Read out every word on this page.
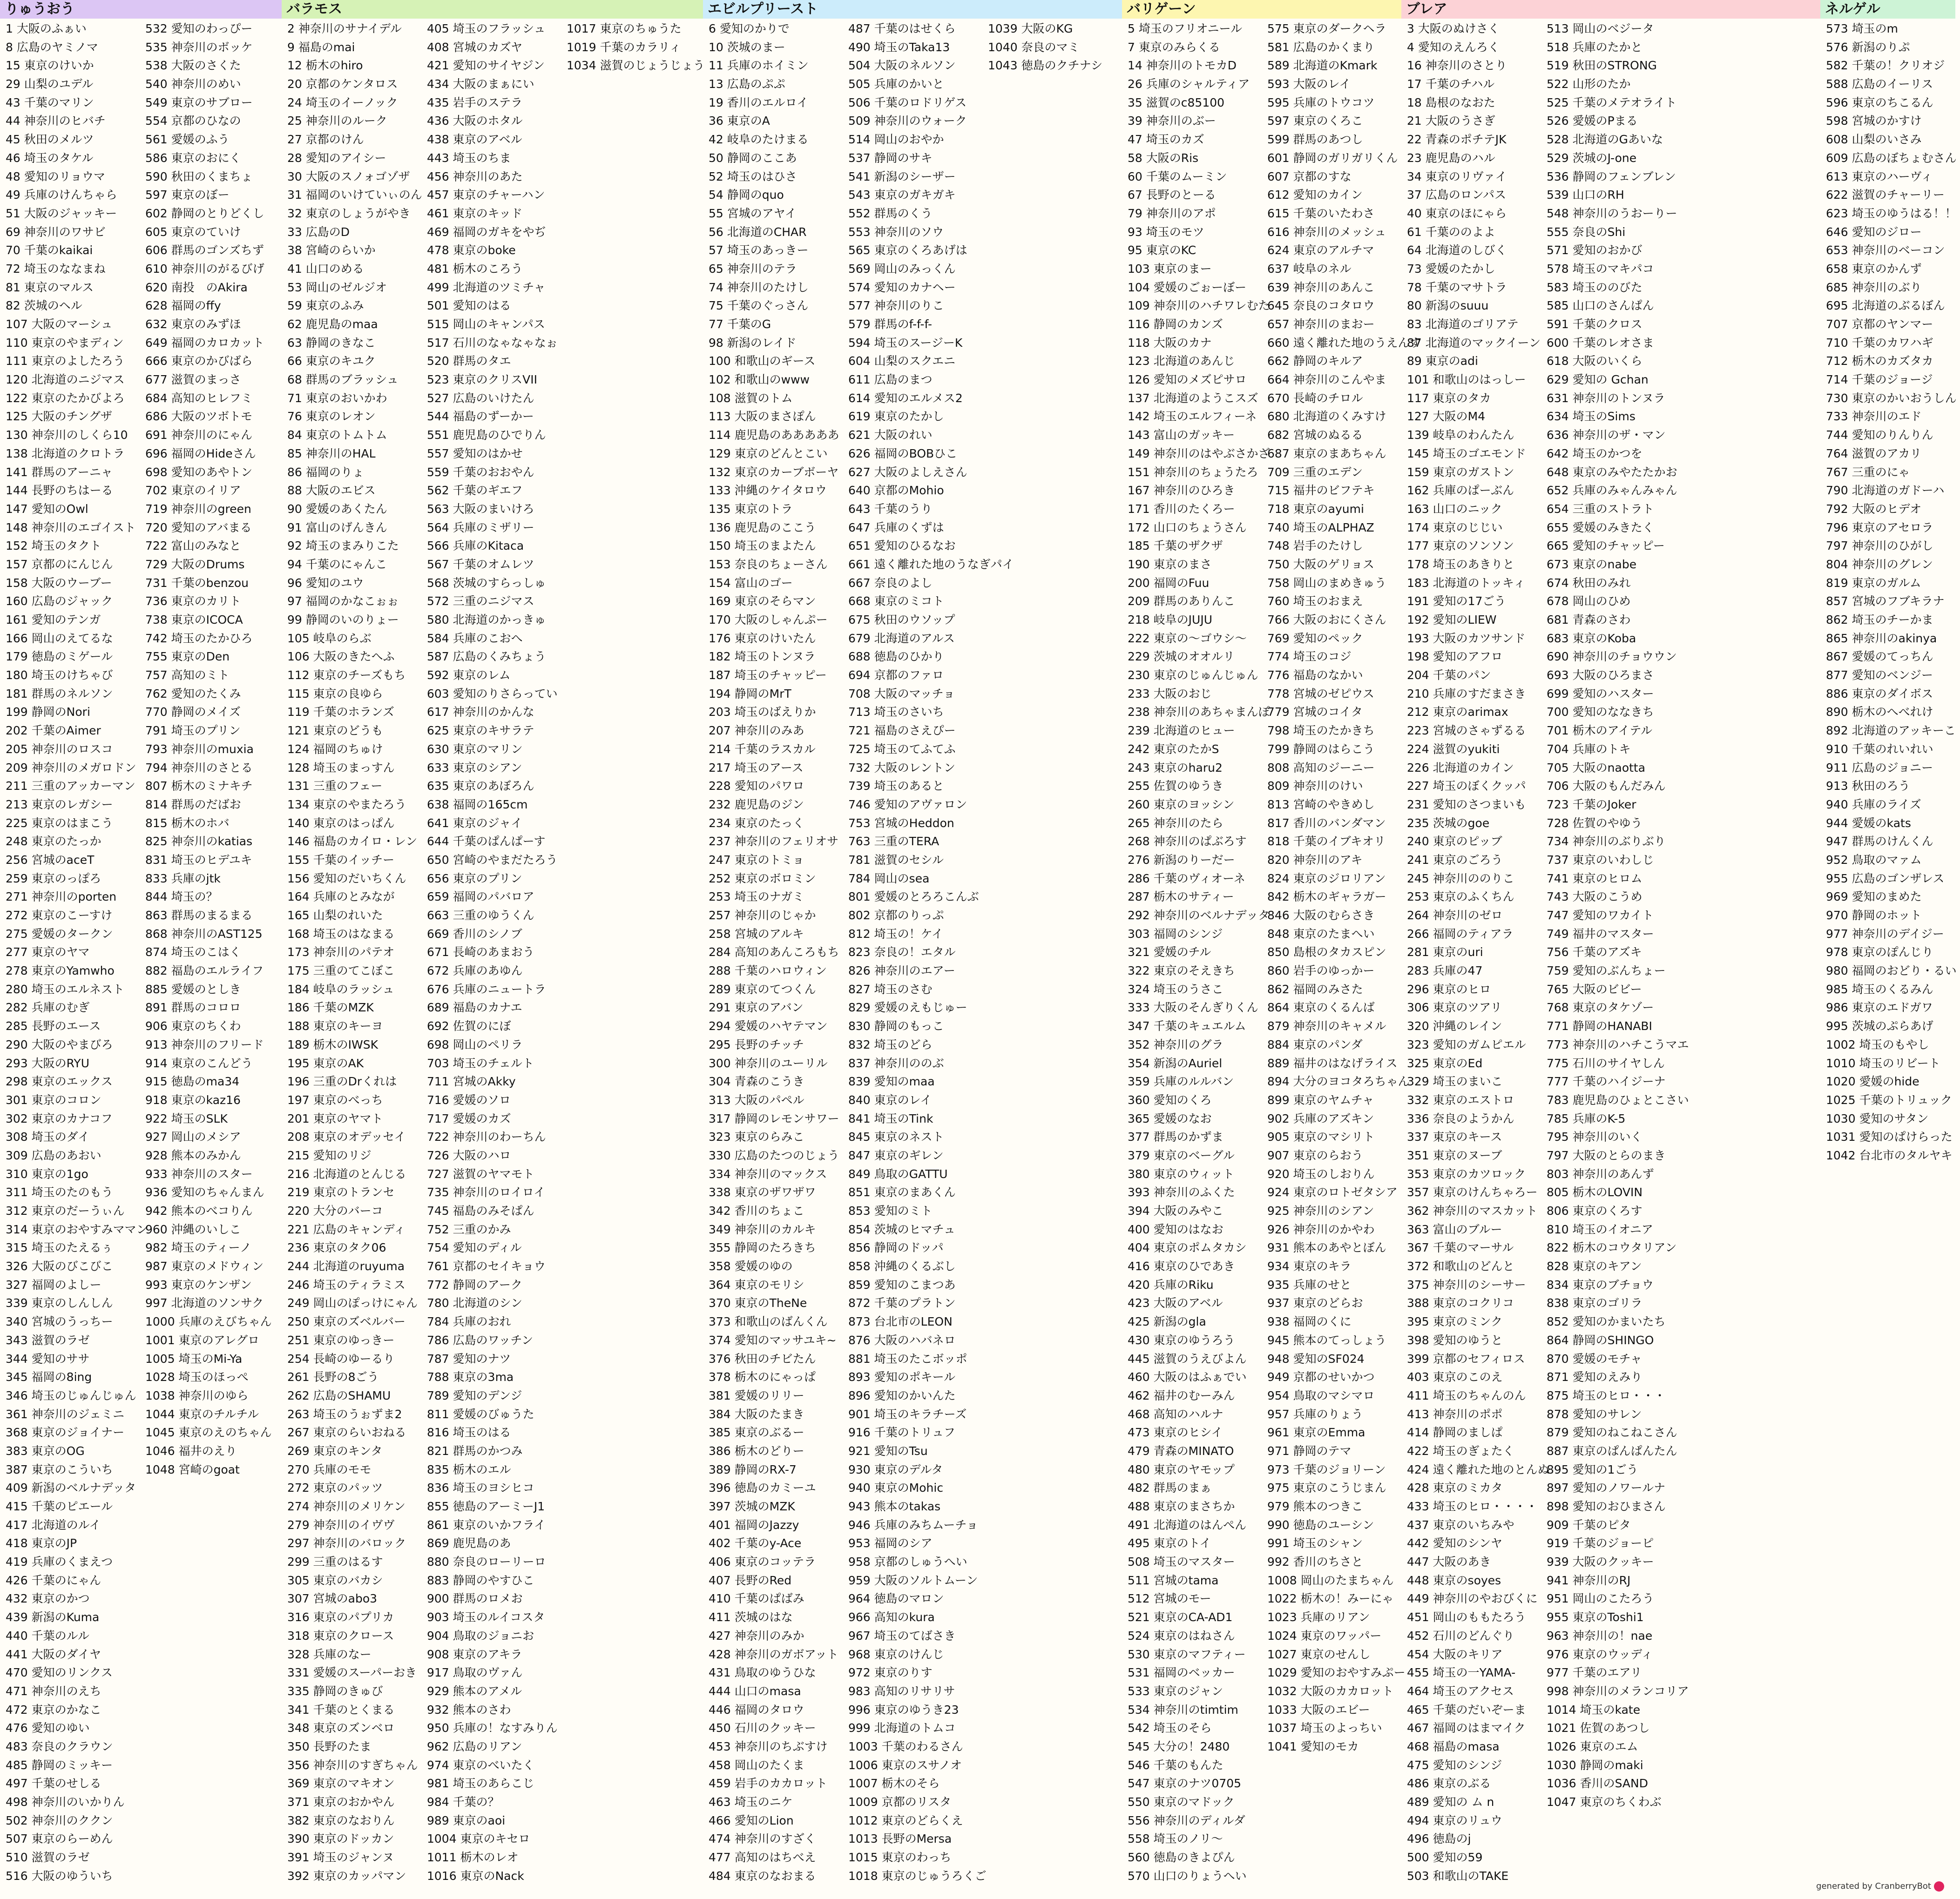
りゅうおう
1 大阪のふぁい
8 広島のヤミノマ
15 東京のけいか
29 山梨のユデル
43 千葉のマリン
44 神奈川のヒバチ
45 秋田のメルツ
46 埼玉のタケル
48 愛知のリョウマ
49 兵庫のけんちゃら
51 大阪のジャッキー
69 神奈川のワサビ
70 千葉のkaikai
72 埼玉のななまね
81 東京のマルス
82 茨城のヘル
107 大阪のマーシュ
110 東京のやまディン
111 東京のよしたろう
120 北海道のニジマス
122 東京のたかびよろ
125 大阪のチングザ
130 神奈川のしくら10
138 北海道のクロトラ
141 群馬のアーニャ
144 長野のちはーる
147 愛知のOwl
148 神奈川のエゴイスト
152 埼玉のタクト
157 京都のにんじん
158 大阪のウーブー
160 広島のジャック
161 愛知のテンガ
166 岡山のえてるな
179 徳島のミゲール
180 埼玉のけちゃび
181 群馬のネルソン
199 静岡のNori
202 千葉のAimer
205 神奈川のロスコ
209 神奈川のメガロドン
211 三重のアッカーマン
213 東京のレガシー
225 東京のはまこう
248 東京のたっか
256 宮城のaceT
259 東京のっぽろ
271 神奈川のporten
272 東京のこーすけ
275 愛媛のタークン
277 東京のヤマ
278 東京のYamwho
280 埼玉のエルネスト
282 兵庫のむぎ
285 長野のエース
290 大阪のやまびろ
293 大阪のRYU
298 東京のエックス
301 東京のコロン
302 東京のカナコフ
308 埼玉のダイ
309 広島のあおい
310 東京の1go
311 埼玉のたのもう
312 東京のだーうぃん
314 東京のおやすみママン
315 埼玉のたえるぅ
326 大阪のびこびこ
327 福岡のよしー
339 東京のしんしん
340 宮城のうっちー
343 滋賀のラゼ
344 愛知のササ
345 福岡の8ing
346 埼玉のじゅんじゅん
361 神奈川のジェミニ
368 東京のジョイナー
383 東京のOG
387 東京のこういち
409 新潟のベルナデッタ
415 千葉のピエール
417 北海道のルイ
418 東京のJP
419 兵庫のくまえつ
426 千葉のにゃん
432 東京のかつ
439 新潟のKuma
440 千葉のルル
441 大阪のダイヤ
470 愛知のリンクス
471 神奈川のえち
472 東京のかなこ
476 愛知のゆい
483 奈良のクラウン
485 静岡のミッキー
497 千葉のせしる
498 神奈川のいかりん
502 神奈川のククン
507 東京のらーめん
510 滋賀のラゼ
516 大阪のゆういち
532 愛知のわっぴー
535 神奈川のボッケ
538 大阪のさくた
540 神奈川のめい
549 東京のサブロー
554 京都のひなの
561 愛媛のふう
586 東京のおにく
590 秋田のくまちょ
597 東京のぼー
602 静岡のとりどくし
605 東京のていけ
606 群馬のゴンズちず
610 神奈川のがるびげ
620 南投　のAkira
628 福岡のffy
632 東京のみずほ
649 福岡のカロカット
666 東京のかびばら
677 滋賀のまっさ
684 高知のヒレフミ
686 大阪のツボトモ
691 神奈川のにゃん
696 福岡のHideさん
698 愛知のあやトン
702 東京のイリア
719 神奈川のgreen
720 愛知のアバまる
722 富山のみなと
729 大阪のDrums
731 千葉のbenzou
736 東京のカリト
738 東京のICOCA
742 埼玉のたかひろ
755 東京のDen
757 高知のミト
762 愛知のたくみ
770 静岡のメイズ
791 埼玉のプリン
793 神奈川のmuxia
794 神奈川のさとる
807 栃木のミナキチ
814 群馬のだばお
815 栃木のホバ
825 神奈川のkatias
831 埼玉のヒデユキ
833 兵庫のjtk
844 埼玉の？
863 群馬のまるまる
868 神奈川のAST125
874 埼玉のこはく
882 福島のエルライフ
885 愛媛のとしき
891 群馬のコロロ
906 東京のちくわ
913 神奈川のフリード
914 東京のこんどう
915 徳島のma34
918 東京のkaz16
922 埼玉のSLK
927 岡山のメシア
928 熊本のみかん
933 神奈川のスター
936 愛知のちゃんまん
942 熊本のべコりん
960 沖縄のいしこ
982 埼玉のティーノ
987 東京のメドウィン
993 東京のケンザン
997 北海道のソンサク
1000 兵庫のえびちゃん
1001 東京のアレグロ
1005 埼玉のMi-Ya
1028 埼玉のほっぺ
1038 神奈川のゆら
1044 東京のチルチル
1045 東京のえのちゃん
1046 福井のえり
1048 宮崎のgoat
バラモス
2 神奈川のサナイデル
9 福島のmai
12 栃木のhiro
20 京都のケンタロス
24 埼玉のイーノック
25 神奈川のルーク
27 京都のけん
28 愛知のアイシー
30 大阪のスノォゴゾザ
31 福岡のいけていぃのん
32 東京のしょうがやき
33 広島のD
38 宮崎のらいか
41 山口のめる
53 岡山のゼルジオ
59 東京のふみ
62 鹿児島のmaa
63 静岡のきなこ
66 東京のキユク
68 群馬のブラッシュ
71 東京のおいかわ
76 東京のレオン
84 東京のトムトム
85 神奈川のHAL
86 福岡のりょ
88 大阪のエビス
90 愛媛のあくたん
91 富山のげんきん
92 埼玉のまみりこた
94 千葉のにゃんこ
96 愛知のユウ
97 福岡のかなこぉぉ
99 静岡のいのりょー
105 岐阜のらぶ
106 大阪のきたへふ
112 東京のチーズもち
115 東京の良ゆら
119 千葉のホランズ
121 東京のどうも
124 福岡のちゅけ
128 埼玉のまっすん
131 三重のフェー
134 東京のやまたろう
140 東京のはっぱん
146 福島のカイロ・レン
155 千葉のイッチー
156 愛知のだいちくん
164 兵庫のとみなが
165 山梨のれいた
168 埼玉のはなまる
173 神奈川のパテオ
175 三重のてこぼこ
184 岐阜のラッシュ
186 千葉のMZK
188 東京のキーヨ
189 栃木のIWSK
195 東京のAK
196 三重のDrくれは
197 東京のべっち
201 東京のヤマト
208 東京のオデッセイ
215 愛知のリジ
216 北海道のとんじる
219 東京のトランセ
220 大分のバーコ
221 広島のキャンディ
236 東京のタク06
244 北海道のruyuma
246 埼玉のティラミス
249 岡山のぽっけにゃん
250 東京のズベルバー
251 東京のゆっきー
254 長崎のゆーるり
261 長野の8ごう
262 広島のSHAMU
263 埼玉のうぉずま2
267 東京のらいおねる
269 東京のキンタ
270 兵庫のモモ
272 東京のパッツ
274 神奈川のメリケン
279 神奈川のイヴヴ
297 神奈川のバロック
299 三重のはるす
305 東京のバカシ
307 宮城のabo3
316 東京のパプリカ
318 東京のクロース
328 兵庫のなー
331 愛媛のスーパーおき
335 静岡のきゅび
341 千葉のとくまる
348 東京のズンベロ
350 長野のたま
356 神奈川のすぎちゃん
369 東京のマキオン
371 東京のおかやん
382 東京のなおりん
390 東京のドッカン
391 埼玉のジャンヌ
392 東京のカッパマン
405 埼玉のフラッシュ
408 宮城のカズヤ
421 愛知のサイヤジン
434 大阪のまぁにい
435 岩手のステラ
436 大阪のホタル
438 東京のアベル
443 埼玉のちま
456 神奈川のあた
457 東京のチャーハン
461 東京のキッド
469 福岡のガキをやぢ
478 東京のboke
481 栃木のころう
499 北海道のツミチャ
501 愛知のはる
515 岡山のキャンパス
517 石川のなゃなゃなぉ
520 群馬のタエ
523 東京のクリスVII
527 広島のいけたん
544 福島のずーかー
551 鹿児島のひでりん
557 愛知のはかせ
559 千葉のおおやん
562 千葉のギエフ
563 大阪のまいけろ
564 兵庫のミザリー
566 兵庫のKitaca
567 千葉のオムレツ
568 茨城のすらっしゅ
572 三重のニジマス
580 北海道のかっきゅ
584 兵庫のこおへ
587 広島のくみちょう
592 東京のレム
603 愛知のりさらってい
617 神奈川のかんな
625 東京のキサラテ
630 東京のマリン
633 東京のシアン
635 東京のあぼろん
638 福岡の165cm
641 東京のジャイ
644 千葉のぱんぱーす
650 宮崎のやまだたろう
656 東京のプリン
659 福岡のパバロア
663 三重のゆうくん
669 香川のシノブ
671 長崎のあまおう
672 兵庫のあゆん
676 兵庫のニュートラ
689 福島のカナエ
692 佐賀のにぼ
698 岡山のペリラ
703 埼玉のチェルト
711 宮城のAkky
716 愛媛のソロ
717 愛媛のカズ
722 神奈川のわーちん
726 大阪のハロ
727 滋賀のヤマモト
735 神奈川のロイロイ
745 福島のみそぱん
752 三重のかみ
754 愛知のディル
761 京都のセイキョウ
772 静岡のアーク
780 北海道のシン
784 兵庫のおれ
786 広島のワッチン
787 愛知のナツ
788 東京の3ma
789 愛知のデンジ
811 愛媛のびゅうた
816 埼玉のはる
821 群馬のかつみ
835 栃木のエル
836 埼玉のヨシヒコ
855 徳島のアーミーJ1
861 東京のいかフライ
869 鹿児島のあ
880 奈良のローリーロ
883 静岡のやすひこ
900 群馬のロメお
903 埼玉のルイコスタ
904 鳥取のジョニお
908 東京のアキラ
917 鳥取のヴァん
929 熊本のアメル
932 熊本のさわ
950 兵庫の！なすみりん
962 広島のリアン
974 東京のべいたく
981 埼玉のあらこじ
984 千葉の？
989 東京のaoi
1004 東京のキセロ
1011 栃木のレオ
1016 東京のNack
1017 東京のちゅうた
1019 千葉のカラリィ
1034 滋賀のじょうじょう
エビルプリースト
6 愛知のかりで
10 茨城のまー
11 兵庫のホイミン
13 広島のぷぷ
19 香川のエルロイ
36 東京のA
42 岐阜のたけまる
50 静岡のここあ
52 埼玉のはひさ
54 静岡のquo
55 宮城のアヤイ
56 北海道のCHAR
57 埼玉のあっきー
65 神奈川のテラ
74 神奈川のたけし
75 千葉のぐっさん
77 千葉のG
98 新潟のレイド
100 和歌山のギース
102 和歌山のwww
108 滋賀のトム
113 大阪のまさぽん
114 鹿児島のあああああ
129 東京のどんとこい
132 東京のカーブボーヤ
133 沖縄のケイタロウ
135 東京のトラ
136 鹿児島のここう
150 埼玉のまよたん
153 奈良のちょーさん
154 富山のゴー
169 東京のそらマン
170 大阪のしゃんぷー
176 東京のけいたん
182 埼玉のトンヌラ
187 埼玉のチャッピー
194 静岡のMrT
203 埼玉のばえりか
207 神奈川のみあ
214 千葉のラスカル
217 埼玉のアース
228 愛知のパワロ
232 鹿児島のジン
234 東京のたっく
237 神奈川のフェリオサ
247 東京のトミョ
252 東京のボロミン
253 埼玉のナガミ
257 神奈川のじゃか
258 宮城のアルキ
284 高知のあんころもち
288 千葉のハロウィン
289 東京のてつくん
291 東京のアバン
294 愛媛のハヤテマン
295 長野のチッチ
300 神奈川のユーリル
304 青森のこうき
313 大阪のパペル
317 静岡のレモンサワー
323 東京のらみこ
330 広島のたつのじょう
334 神奈川のマックス
338 東京のザワザワ
342 香川のちょこ
349 神奈川のカルキ
355 静岡のたろきち
358 愛媛のゆの
364 東京のモリシ
370 東京のTheNe
373 和歌山のばんくん
374 愛知のマッサユキ~
376 秋田のチビたん
378 栃木のにゃっぱ
381 愛媛のリリー
384 大阪のたまき
385 東京のぶるー
386 栃木のどりー
389 静岡のRX-7
396 徳島のカミーユ
397 茨城のMZK
401 福岡のJazzy
402 千葉のy-Ace
406 東京のコッテラ
407 長野のRed
410 千葉のぱばみ
411 茨城のはな
427 神奈川のみか
428 神奈川のガボアット
431 鳥取のゆうひな
444 山口のmasa
446 福岡のタロウ
450 石川のクッキー
453 神奈川のちぶすけ
458 岡山のたくま
459 岩手のカカロット
463 埼玉のニケ
466 愛知のLion
474 神奈川のすざく
477 高知のはちべえ
484 東京のなおまる
487 千葉のはせくら
490 埼玉のTaka13
504 大阪のネルソン
505 兵庫のかいと
506 千葉のロドリゲス
509 神奈川のウォーク
514 岡山のおやか
537 静岡のサキ
541 新潟のシーザー
543 東京のガキガキ
552 群馬のくう
553 神奈川のソウ
565 東京のくろあげは
569 岡山のみっくん
574 愛知のカナヘー
577 神奈川のりこ
579 群馬のf-f-f-
594 埼玉のスージーK
604 山梨のスクエニ
611 広島のまつ
614 愛知のエルメス2
619 東京のたかし
621 大阪のれい
626 福岡のBOBひこ
627 大阪のよしえさん
640 京都のMohio
643 千葉のうり
647 兵庫のくずは
651 愛知のひるなお
661 遠く離れた地のうなぎパイ
667 奈良のよし
668 東京のミコト
675 秋田のウソップ
679 北海道のアルス
688 徳島のひかり
694 京都のファロ
708 大阪のマッチョ
713 埼玉のさいち
721 福島のさえぴー
725 埼玉のてふてふ
732 大阪のレントン
739 埼玉のあると
746 愛知のアヴァロン
753 宮城のHeddon
763 三重のTERA
781 滋賀のセシル
784 岡山のsea
801 愛媛のとろろこんぶ
802 京都のりっぷ
812 埼玉の！ケイ
823 奈良の！エタル
826 神奈川のエアー
827 埼玉のさむ
829 愛媛のえもじゅー
830 静岡のもっこ
832 埼玉のどら
837 神奈川ののぶ
839 愛知のmaa
840 東京のレイ
841 埼玉のTink
845 東京のネスト
847 東京のギレン
849 鳥取のGATTU
851 東京のまあくん
853 愛知のミト
854 茨城のヒマチュ
856 静岡のドッパ
858 沖縄のくるぶし
859 愛知のこまつあ
872 千葉のプラトン
873 台北市のLEON
876 大阪のハバネロ
881 埼玉のたこボッポ
893 愛知のポキール
896 愛知のかいんた
901 埼玉のキラチーズ
916 千葉のトリュフ
921 愛知のTsu
930 東京のデルタ
940 東京のMohic
943 熊本のtakas
946 兵庫のみちムーチョ
953 福岡のシア
958 京都のしゅうへい
959 大阪のソルトムーン
964 徳島のマロン
966 高知のkura
967 埼玉のてばさき
968 東京のけんじ
972 東京のりす
983 高知のリサリサ
996 東京のゆうき23
999 北海道のトムコ
1003 千葉のわるさん
1006 東京のスサノオ
1007 栃木のそら
1009 京都のリスタ
1012 東京のどらくえ
1013 長野のMersa
1015 東京のわっち
1018 東京のじゅうろくご
1039 大阪のKG
1040 奈良のマミ
1043 徳島のクチナシ
バリゲーン
5 埼玉のフリオニール
7 東京のみらくる
14 神奈川のトモカD
26 兵庫のシャルティア
35 滋賀のc85100
39 神奈川のぶー
47 埼玉のカズ
58 大阪のRis
60 千葉のムーミン
67 長野のとーる
79 神奈川のアポ
93 埼玉のモツ
95 東京のKC
103 東京のまー
104 愛媛のごぉーぼー
109 神奈川のハチワレむた
116 静岡のカンズ
118 大阪のカナ
123 北海道のあんじ
126 愛知のメズピサロ
137 北海道のようこスズ
142 埼玉のエルフィーネ
143 富山のガッキー
149 神奈川のはやぶさかざ
151 神奈川のちょうたろ
167 神奈川のひろき
171 香川のたくろー
172 山口のちょうさん
185 千葉のザクザ
190 東京のまさ
200 福岡のFuu
209 群馬のありんこ
218 岐阜のJUJU
222 東京の〜ゴウシ〜
229 茨城のオオルリ
230 東京のじゅんじゅん
233 大阪のおじ
238 神奈川のあちゃまんぽ
239 北海道のヒュー
242 東京のたかS
243 東京のharu2
255 佐賀のゆうき
260 東京のヨッシン
265 神奈川のたら
268 神奈川のぱぶろす
276 新潟のりーだー
286 千葉のヴィオーネ
287 栃木のサティー
292 神奈川のベルナデッタ
303 福岡のシンジ
321 愛媛のチル
322 東京のそえきち
324 埼玉のうさこ
333 大阪のそんぎりくん
347 千葉のキュエルム
352 神奈川のグラ
354 新潟のAuriel
359 兵庫のルルバン
360 愛知のくろ
365 愛媛のなお
377 群馬のかずま
379 東京のベーグル
380 東京のウィット
393 神奈川のふくた
394 大阪のみやこ
400 愛知のはなお
404 東京のポムタカシ
416 東京のひであき
420 兵庫のRiku
423 大阪のアベル
425 新潟のgla
430 東京のゆうろう
445 滋賀のうえびよん
460 大阪のはふぁでい
462 福井のむーみん
468 高知のハルナ
473 東京のヒシイ
479 青森のMINATO
480 東京のヤモップ
482 群馬のまぁ
488 東京のまさちか
491 北海道のはんぺん
495 東京のトイ
508 埼玉のマスター
511 宮城のtama
512 宮城のモー
521 東京のCA-AD1
524 東京のはねさん
530 東京のマフティー
531 福岡のベッカー
533 東京のジャン
534 神奈川のtimtim
542 埼玉のそら
545 大分の！2480
546 千葉のもんた
547 東京のナツ0705
550 東京のマドック
556 神奈川のディルダ
558 埼玉のノリ〜
560 徳島のきよぴん
570 山口のりょうへい
575 東京のダークヘラ
581 広島のかくまり
589 北海道のKmark
593 大阪のレイ
595 兵庫のトウコツ
597 東京のくろこ
599 群馬のあつし
601 静岡のガリガリくん
607 京都のすな
612 愛知のカイン
615 千葉のいたわさ
616 神奈川のメッシュ
624 東京のアルチマ
637 岐阜のネル
639 神奈川のあんこ
645 奈良のコタロウ
657 神奈川のまおー
660 遠く離れた地のうえんす
662 静岡のキルア
664 神奈川のこんやま
670 長崎のチロル
680 北海道のくみすけ
682 宮城のぬるる
687 東京のまあちゃん
709 三重のエデン
715 福井のビフテキ
718 東京のayumi
740 埼玉のALPHAZ
748 岩手のたけし
750 大阪のゲリョス
758 岡山のまめきゅう
760 埼玉のおまえ
766 大阪のおにくさん
769 愛知のペック
774 埼玉のコジ
776 福島のなかい
778 宮城のゼピウス
779 宮城のコイタ
798 埼玉のたかきち
799 静岡のはらこう
808 高知のジーニー
809 神奈川のけい
813 宮崎のやきめし
817 香川のバンダマン
818 千葉のイブキオリ
820 神奈川のアキ
824 東京のジロリアン
842 栃木のギャラガー
846 大阪のむらさき
848 東京のたまへい
850 島根のタカスピン
860 岩手のゆっかー
862 福岡のみさた
864 東京のくるんば
879 神奈川のキャメル
884 東京のパンダ
889 福井のはなげライス
894 大分のヨコタろちゃん
899 東京のヤムチャ
902 兵庫のアズキン
905 東京のマシリト
907 東京のらおう
920 埼玉のしおりん
924 東京のロトゼタシア
925 神奈川のシアン
926 神奈川のかやわ
931 熊本のあやとぼん
934 東京のキラ
935 兵庫のせと
937 東京のどらお
938 福岡のくに
945 熊本のてっしょう
948 愛知のSF024
949 京都のせいかつ
954 鳥取のマシマロ
957 兵庫のりょう
961 東京のEmma
971 静岡のテマ
973 千葉のジョリーン
975 東京のこうじまん
979 熊本のつきこ
990 徳島のユーシン
991 埼玉のシャン
992 香川のちさと
1008 岡山のたまちゃん
1022 栃木の！みーにゃ
1023 兵庫のリアン
1024 東京のワッパー
1027 東京のせんし
1029 愛知のおやすみぷー
1032 大阪のカカロット
1033 大阪のエビー
1037 埼玉のよっちい
1041 愛知のモカ
ブレア
3 大阪のぬけさく
4 愛知のえんろく
16 神奈川のさとり
17 千葉のチハル
18 島根のなおた
21 大阪のうさぎ
22 青森のポチテJK
23 鹿児島のハル
34 東京のリヴァイ
37 広島のロンパス
40 東京のほにゃら
61 千葉ののよよ
64 北海道のしびく
73 愛媛のたかし
78 千葉のマサトラ
80 新潟のsuuu
83 北海道のゴリアテ
87 北海道のマックイーン
89 東京のadi
101 和歌山のはっしー
117 東京のタカ
127 大阪のM4
139 岐阜のわんたん
145 埼玉のゴエモンド
159 東京のガストン
162 兵庫のぱーぶん
163 山口のニック
174 東京のじじい
177 東京のソンソン
178 埼玉のあきりと
183 北海道のトッキィ
191 愛知の17ごう
192 愛知のLIEW
193 大阪のカツサンド
198 愛知のアフロ
204 千葉のパン
210 兵庫のすだまさき
212 東京のarimax
223 宮城のさゃずるる
224 滋賀のyukiti
226 北海道のカイン
227 埼玉のぼくクッパ
231 愛知のさつまいも
235 茨城のgoe
240 東京のピッブ
241 東京のごろう
245 神奈川ののりこ
253 東京のふくちん
264 神奈川のゼロ
266 福岡のティアラ
281 東京のuri
283 兵庫の47
296 東京のヒロ
306 東京のツアリ
320 沖縄のレイン
323 愛知のガムピエル
325 東京のEd
329 埼玉のまいこ
332 東京のエストロ
336 奈良のようかん
337 東京のキース
351 東京のヌーブ
353 東京のカツロック
357 東京のけんちゃろー
362 神奈川のマスカット
363 富山のブルー
367 千葉のマーサル
372 和歌山のどんと
375 神奈川のシーサー
388 東京のコクリコ
395 東京のミンク
398 愛知のゆうと
399 京都のセフィロス
403 東京のこのえ
411 埼玉のちゃんのん
413 神奈川のポポ
414 静岡のましぱ
422 埼玉のぎょたく
424 遠く離れた地のとんぬ
428 東京のミカタ
433 埼玉のヒロ・・・・
437 東京のいちみや
442 愛知のシンヤ
447 大阪のあき
448 東京のsoyes
449 神奈川のやおびくに
451 岡山のももたろう
452 石川のどんぐり
454 大阪のキリア
455 埼玉の一YAMA-
464 埼玉のアクセス
465 千葉のだいぞーま
467 福岡のはまマイク
468 福島のmasa
475 愛知のシンジ
486 東京のぶる
489 愛知の ム n
494 東京のリュウ
496 徳島のj
500 愛知の59
503 和歌山のTAKE
513 岡山のベジータ
518 兵庫のたかと
519 秋田のSTRONG
522 山形のたか
525 千葉のメテオライト
526 愛媛のPまる
528 北海道のGあいな
529 茨城のJ-one
536 静岡のフェンブレン
539 山口のRH
548 神奈川のうおーりー
555 奈良のShi
571 愛知のおかび
578 埼玉のマキパコ
583 埼玉ののびた
585 山口のさんぱん
591 千葉のクロス
600 千葉のレオさま
618 大阪のいくら
629 愛知の Gchan
631 神奈川のトンヌラ
634 埼玉のSims
636 神奈川のザ・マン
642 埼玉のかつを
648 東京のみやたたかお
652 兵庫のみゃんみゃん
654 三重のストラト
655 愛媛のみきたく
665 愛知のチャッピー
673 東京のnabe
674 秋田のみれ
678 岡山のひめ
681 青森のさわ
683 東京のKoba
690 神奈川のチョウウン
693 大阪のひろまさ
699 愛知のハスター
700 愛知のななきち
701 栃木のアイテル
704 兵庫のトキ
705 大阪のnaotta
706 大阪のもんだみん
723 千葉のJoker
728 佐賀のやゆう
734 神奈川のぶりぶり
737 東京のいわしじ
741 東京のヒロム
743 大阪のこうめ
747 愛知のワカイト
749 福井のマスター
756 千葉のアズキ
759 愛知のぶんちょー
765 大阪のビビー
768 東京のタケゾー
771 静岡のHANABI
773 神奈川のハチこうマエ
775 石川のサイヤしん
777 千葉のハイジーナ
783 鹿児島のひょとこさい
785 兵庫のK-5
795 神奈川のいく
797 大阪のとらのまき
803 神奈川のあんず
805 栃木のLOVIN
806 東京のくろす
810 埼玉のイオニア
822 栃木のコウタリアン
828 東京のキアン
834 東京のブチョウ
838 東京のゴリラ
852 愛知のかまいたち
864 静岡のSHINGO
870 愛媛のモチャ
871 愛知のえみり
875 埼玉のヒロ・・・
878 愛知のサレン
879 愛知のねこねこさん
887 東京のぱんぱんたん
895 愛知の1ごう
897 愛知のノワールナ
898 愛知のおひまさん
909 千葉のピタ
919 千葉のジョーピ
939 大阪のクッキー
941 神奈川のRJ
951 岡山のこたろう
955 東京のToshi1
963 神奈川の！nae
976 東京のウッディ
977 千葉のエアリ
998 神奈川のメランコリア
1014 埼玉のkate
1021 佐賀のあつし
1026 東京のエム
1030 静岡のmaki
1036 香川のSAND
1047 東京のちくわぶ
ネルゲル
573 埼玉のm
576 新潟のりぷ
582 千葉の！クリオジ
588 広島のイーリス
596 東京のちこるん
598 宮城のかすけ
608 山梨のいさみ
609 広島のぼちょむさん
613 東京のハーヴィ
622 滋賀のチャーリー
623 埼玉のゆうはる！！
646 愛知のジロー
653 神奈川のベーコン
658 東京のかんず
685 神奈川のぶり
695 北海道のぶるぼん
707 京都のヤンマー
710 千葉のカワハギ
712 栃木のカズタカ
714 千葉のジョージ
730 東京のかいおうしん
733 神奈川のエド
744 愛知のりんりん
764 滋賀のアカリ
767 三重のにゃ
790 北海道のガドーハ
792 大阪のヒデオ
796 東京のアセロラ
797 神奈川のひがし
804 神奈川のグレン
819 東京のガルム
857 宮城のフブキラナ
862 埼玉のチーかま
865 神奈川のakinya
867 愛媛のてっちん
877 愛知のベンジー
886 東京のダイボス
890 栃木のへべれけ
892 北海道のアッキーこ
910 千葉のれいれい
911 広島のジョニー
913 秋田のろう
940 兵庫のライズ
944 愛媛のkats
947 群馬のけんくん
952 鳥取のマァム
955 広島のゴンザレス
969 愛知のまめた
970 静岡のホット
977 神奈川のデイジー
978 東京のぽんじり
980 福岡のおどり・るい
985 埼玉のくるみん
986 東京のエドガワ
995 茨城のぷらあげ
1002 埼玉のもやし
1010 埼玉のリビート
1020 愛媛のhide
1025 千葉のトリュック
1030 愛知のサタン
1031 愛知のぱけらった
1042 台北市のタルヤキ
generated by CranberryBot
